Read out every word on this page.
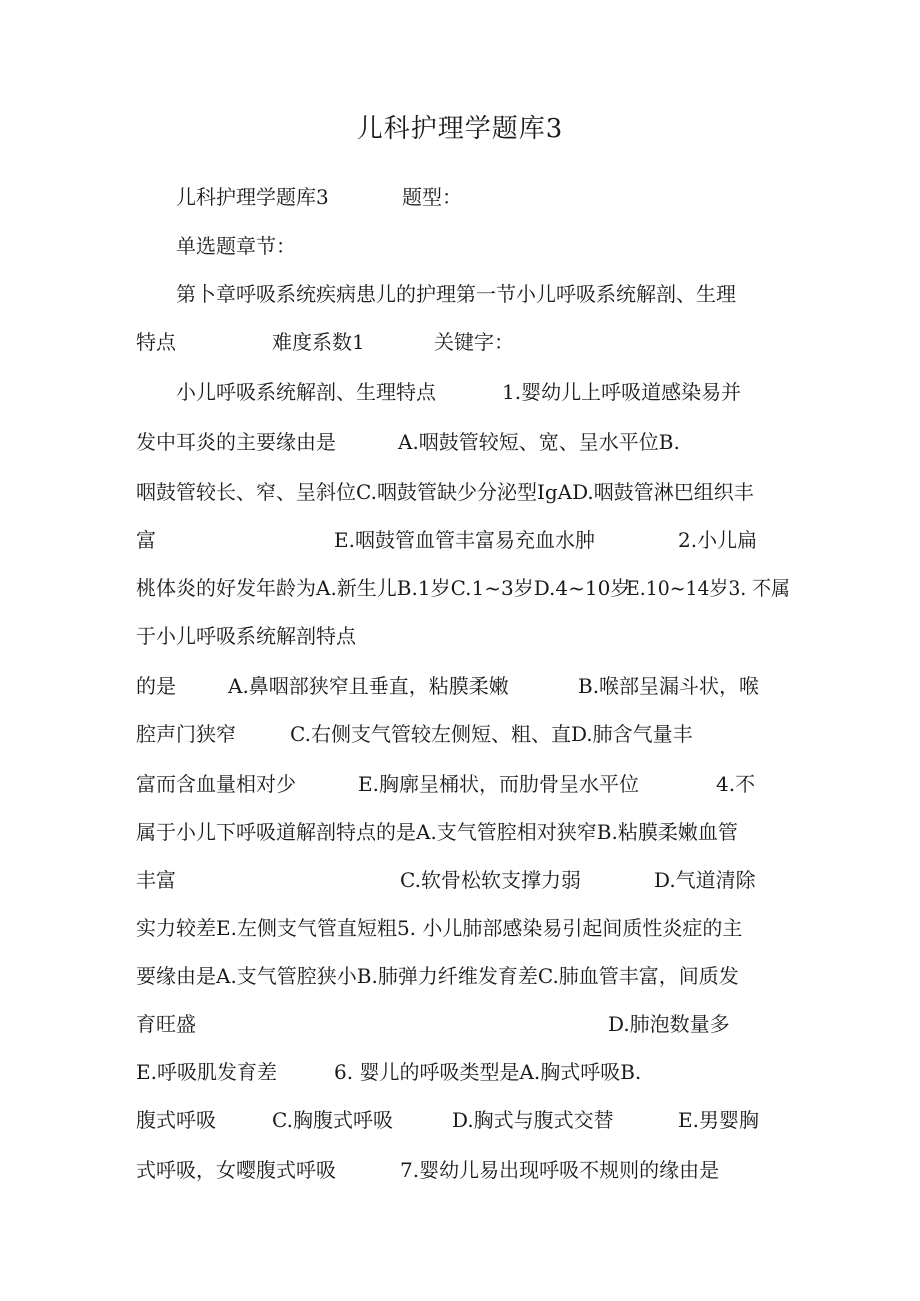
儿科护理学题库3
儿科护理学题库3	题型：
单选题章节：
第卜章呼吸系统疾病患儿的护理第一节小儿呼吸系统解剖、生理
特点	难度系数1	关键字：
小儿呼吸系统解剖、生理特点	1.婴幼儿上呼吸道感染易并
发中耳炎的主要缘由是	A.咽鼓管较短、宽、呈水平位B.
咽鼓管较长、窄、呈斜位C.咽鼓管缺少分泌型IgAD.咽鼓管淋巴组织丰
富	E.咽鼓管血管丰富易充血水肿	2.小儿扁
桃体炎的好发年龄为A.新生儿B.1岁C.1~3岁D.4~10岁
E.10~14岁3. 不属
于小儿呼吸系统解剖特点
的是	A.鼻咽部狭窄且垂直，粘膜柔嫩	B.喉部呈漏斗状，喉
腔声门狭窄	C.右侧支气管较左侧短、粗、直D.肺含气量丰
富而含血量相对少	E.胸廓呈桶状，而肋骨呈水平位	4.不
属于小儿下呼吸道解剖特点的是A.支气管腔相对狭窄B.粘膜柔嫩血管
丰富	C.软骨松软支撑力弱	D.气道清除
实力较差E.左侧支气管直短粗5. 小儿肺部感染易引起间质性炎症的主
要缘由是A.支气管腔狭小B.肺弹力纤维发育差C.肺血管丰富，间质发
育旺盛	D.肺泡数量多
E.呼吸肌发育差	6. 婴儿的呼吸类型是A.胸式呼吸B.
腹式呼吸	C.胸腹式呼吸	D.胸式与腹式交替	E.男婴胸
式呼吸，女嘤腹式呼吸	7.婴幼儿易出现呼吸不规则的缘由是
